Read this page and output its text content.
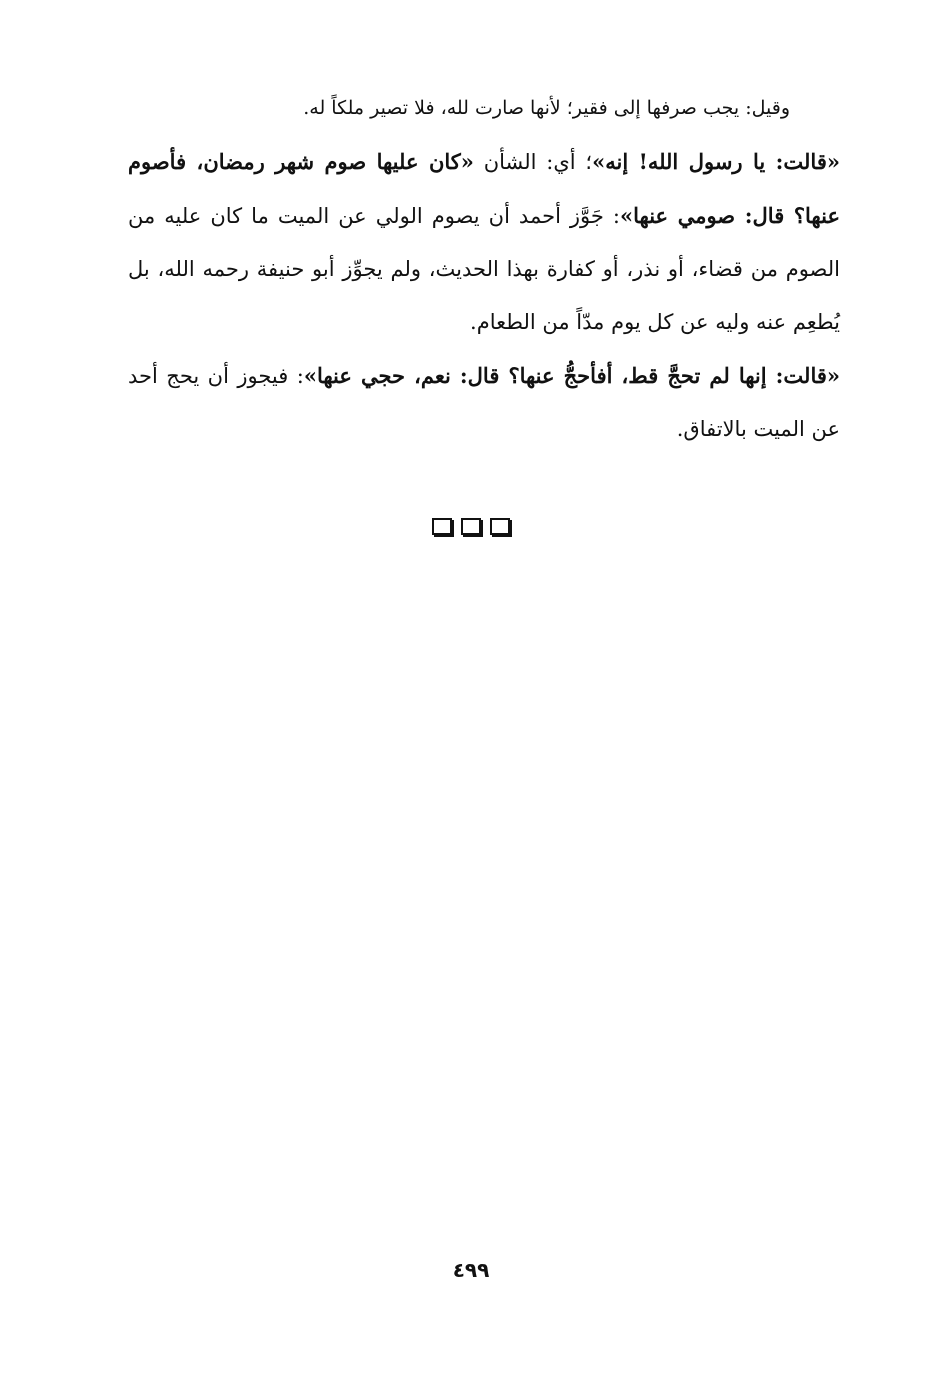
وقيل: يجب صرفها إلى فقير؛ لأنها صارت لله، فلا تصير ملكاً له.

«قالت: يا رسول الله! إنه»؛ أي: الشأن «كان عليها صوم شهر رمضان، فأصوم عنها؟ قال: صومي عنها»: جَوَّز أحمد أن يصوم الولي عن الميت ما كان عليه من الصوم من قضاء، أو نذر، أو كفارة بهذا الحديث، ولم يجوِّز أبو حنيفة رحمه الله، بل يُطعِم عنه وليه عن كل يوم مدّاً من الطعام.

«قالت: إنها لم تحجَّ قط، أفأحجُّ عنها؟ قال: نعم، حجي عنها»: فيجوز أن يحج أحد عن الميت بالاتفاق.

٤٩٩
